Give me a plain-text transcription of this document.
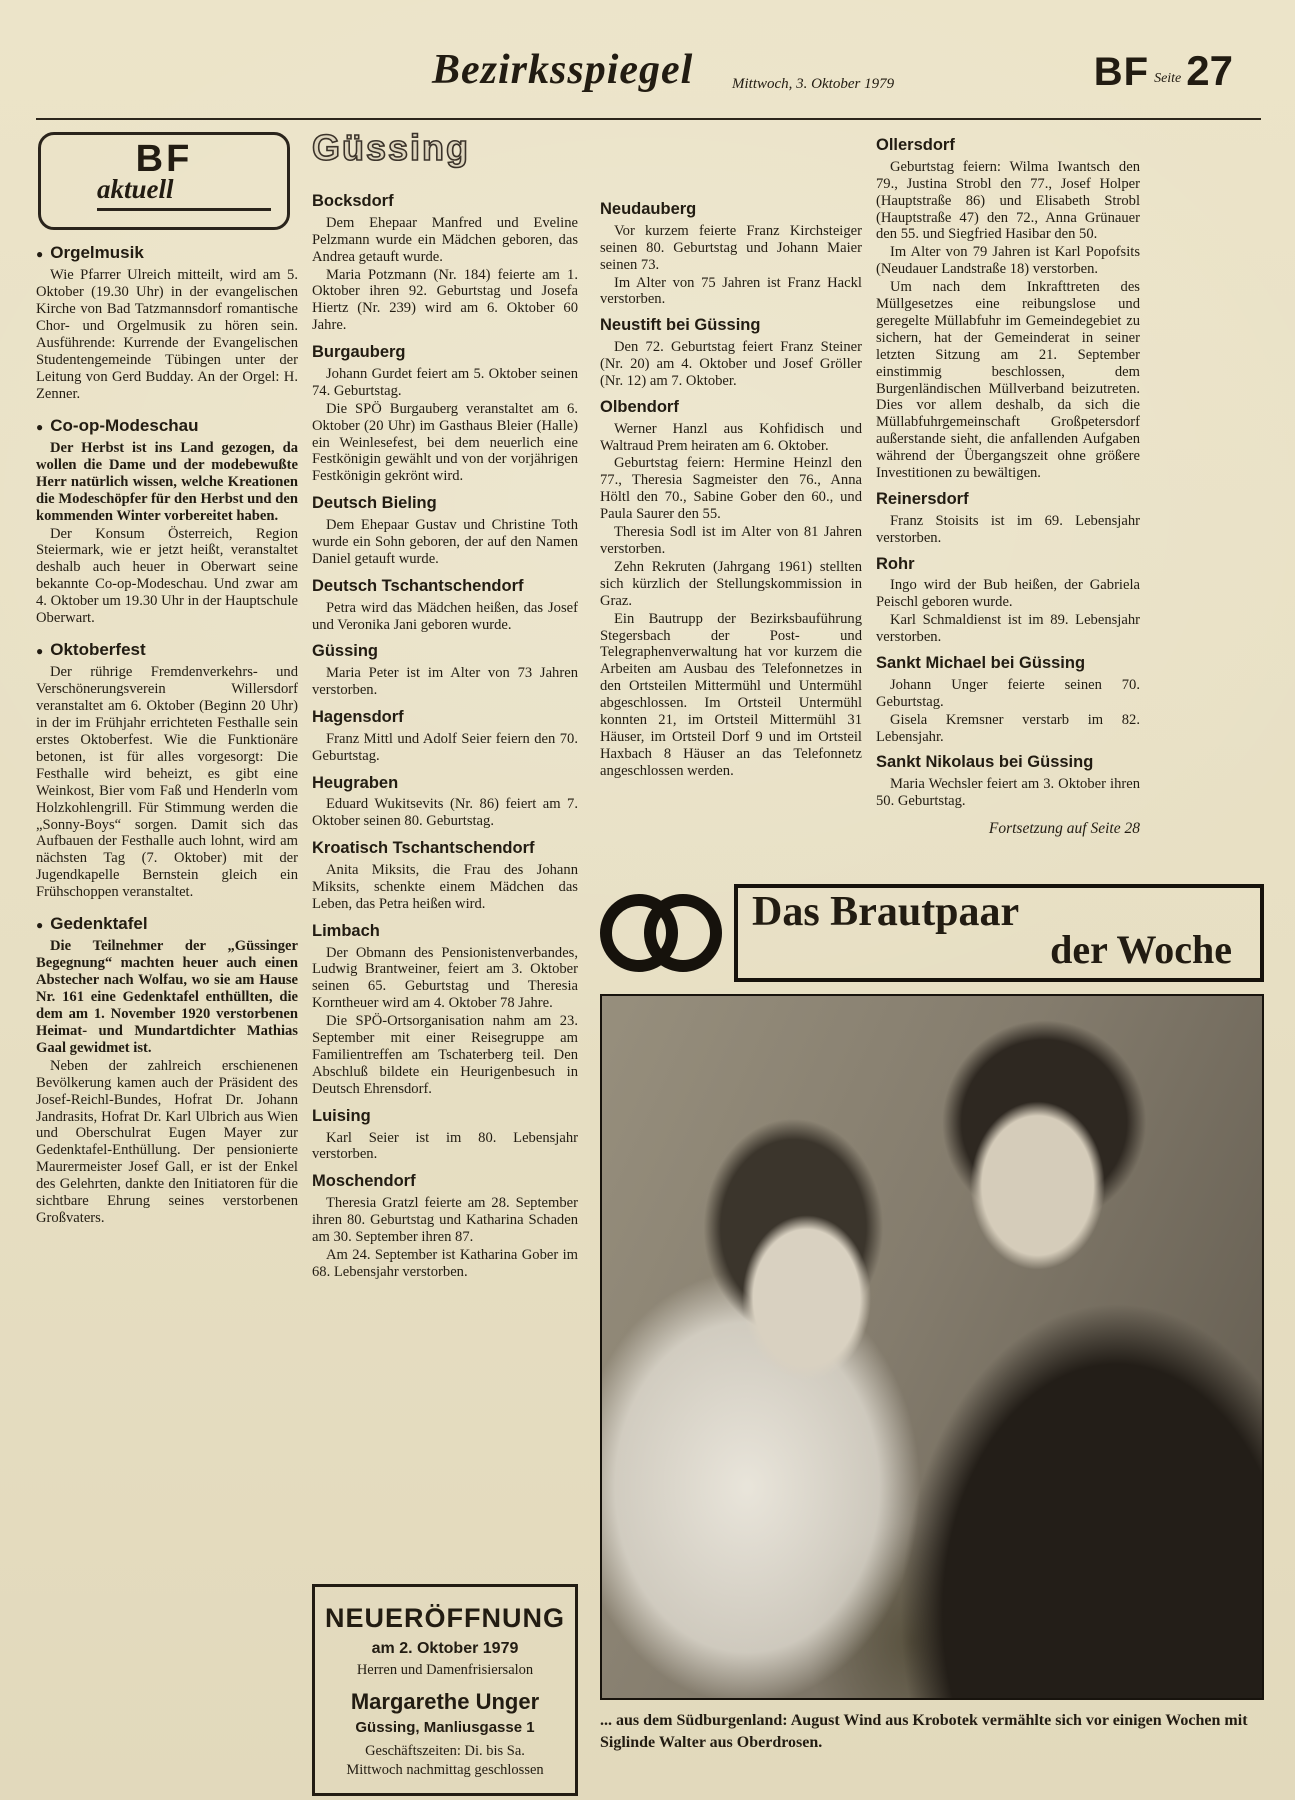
Bezirksspiegel	Mittwoch, 3. Oktober 1979	BF Seite 27
BF
aktuell
● Orgelmusik

Wie Pfarrer Ulreich mitteilt, wird am 5. Oktober (19.30 Uhr) in der evangelischen Kirche von Bad Tatzmannsdorf romantische Chor- und Orgelmusik zu hören sein. Ausführende: Kurrende der Evangelischen Studentengemeinde Tübingen unter der Leitung von Gerd Budday. An der Orgel: H. Zenner.

● Co-op-Modeschau

Der Herbst ist ins Land gezogen, da wollen die Dame und der modebewußte Herr natürlich wissen, welche Kreationen die Modeschöpfer für den Herbst und den kommenden Winter vorbereitet haben.

Der Konsum Österreich, Region Steiermark, wie er jetzt heißt, veranstaltet deshalb auch heuer in Oberwart seine bekannte Co-op-Modeschau. Und zwar am 4. Oktober um 19.30 Uhr in der Hauptschule Oberwart.

● Oktoberfest

Der rührige Fremdenverkehrs- und Verschönerungsverein Willersdorf veranstaltet am 6. Oktober (Beginn 20 Uhr) in der im Frühjahr errichteten Festhalle sein erstes Oktoberfest. Wie die Funktionäre betonen, ist für alles vorgesorgt: Die Festhalle wird beheizt, es gibt eine Weinkost, Bier vom Faß und Henderln vom Holzkohlengrill. Für Stimmung werden die „Sonny-Boys“ sorgen. Damit sich das Aufbauen der Festhalle auch lohnt, wird am nächsten Tag (7. Oktober) mit der Jugendkapelle Bernstein gleich ein Frühschoppen veranstaltet.

● Gedenktafel

Die Teilnehmer der „Güssinger Begegnung“ machten heuer auch einen Abstecher nach Wolfau, wo sie am Hause Nr. 161 eine Gedenktafel enthüllten, die dem am 1. November 1920 verstorbenen Heimat- und Mundartdichter Mathias Gaal gewidmet ist.

Neben der zahlreich erschienenen Bevölkerung kamen auch der Präsident des Josef-Reichl-Bundes, Hofrat Dr. Johann Jandrasits, Hofrat Dr. Karl Ulbrich aus Wien und Oberschulrat Eugen Mayer zur Gedenktafel-Enthüllung. Der pensionierte Maurermeister Josef Gall, er ist der Enkel des Gelehrten, dankte den Initiatoren für die sichtbare Ehrung seines verstorbenen Großvaters.

Güssing
Bocksdorf

Dem Ehepaar Manfred und Eveline Pelzmann wurde ein Mädchen geboren, das Andrea getauft wurde.

Maria Potzmann (Nr. 184) feierte am 1. Oktober ihren 92. Geburtstag und Josefa Hiertz (Nr. 239) wird am 6. Oktober 60 Jahre.

Burgauberg

Johann Gurdet feiert am 5. Oktober seinen 74. Geburtstag.

Die SPÖ Burgauberg veranstaltet am 6. Oktober (20 Uhr) im Gasthaus Bleier (Halle) ein Weinlesefest, bei dem neuerlich eine Festkönigin gewählt und von der vorjährigen Festkönigin gekrönt wird.

Deutsch Bieling

Dem Ehepaar Gustav und Christine Toth wurde ein Sohn geboren, der auf den Namen Daniel getauft wurde.

Deutsch Tschantschendorf

Petra wird das Mädchen heißen, das Josef und Veronika Jani geboren wurde.

Güssing

Maria Peter ist im Alter von 73 Jahren verstorben.

Hagensdorf

Franz Mittl und Adolf Seier feiern den 70. Geburtstag.

Heugraben

Eduard Wukitsevits (Nr. 86) feiert am 7. Oktober seinen 80. Geburtstag.

Kroatisch Tschantschendorf

Anita Miksits, die Frau des Johann Miksits, schenkte einem Mädchen das Leben, das Petra heißen wird.

Limbach

Der Obmann des Pensionistenverbandes, Ludwig Brantweiner, feiert am 3. Oktober seinen 65. Geburtstag und Theresia Korntheuer wird am 4. Oktober 78 Jahre.

Die SPÖ-Ortsorganisation nahm am 23. September mit einer Reisegruppe am Familientreffen am Tschaterberg teil. Den Abschluß bildete ein Heurigenbesuch in Deutsch Ehrensdorf.

Luising

Karl Seier ist im 80. Lebensjahr verstorben.

Moschendorf

Theresia Gratzl feierte am 28. September ihren 80. Geburtstag und Katharina Schaden am 30. September ihren 87.

Am 24. September ist Katharina Gober im 68. Lebensjahr verstorben.

NEUERÖFFNUNG
am 2. Oktober 1979
Herren und Damenfrisiersalon
Margarethe Unger
Güssing, Manliusgasse 1
Geschäftszeiten: Di. bis Sa.
Mittwoch nachmittag geschlossen
Neudauberg

Vor kurzem feierte Franz Kirchsteiger seinen 80. Geburtstag und Johann Maier seinen 73.

Im Alter von 75 Jahren ist Franz Hackl verstorben.

Neustift bei Güssing

Den 72. Geburtstag feiert Franz Steiner (Nr. 20) am 4. Oktober und Josef Gröller (Nr. 12) am 7. Oktober.

Olbendorf

Werner Hanzl aus Kohfidisch und Waltraud Prem heiraten am 6. Oktober.

Geburtstag feiern: Hermine Heinzl den 77., Theresia Sagmeister den 76., Anna Höltl den 70., Sabine Gober den 60., und Paula Saurer den 55.

Theresia Sodl ist im Alter von 81 Jahren verstorben.

Zehn Rekruten (Jahrgang 1961) stellten sich kürzlich der Stellungskommission in Graz.

Ein Bautrupp der Bezirksbauführung Stegersbach der Post- und Telegraphenverwaltung hat vor kurzem die Arbeiten am Ausbau des Telefonnetzes in den Ortsteilen Mittermühl und Untermühl abgeschlossen. Im Ortsteil Untermühl konnten 21, im Ortsteil Mittermühl 31 Häuser, im Ortsteil Dorf 9 und im Ortsteil Haxbach 8 Häuser an das Telefonnetz angeschlossen werden.

Ollersdorf

Geburtstag feiern: Wilma Iwantsch den 79., Justina Strobl den 77., Josef Holper (Hauptstraße 86) und Elisabeth Strobl (Hauptstraße 47) den 72., Anna Grünauer den 55. und Siegfried Hasibar den 50.

Im Alter von 79 Jahren ist Karl Popofsits (Neudauer Landstraße 18) verstorben.

Um nach dem Inkrafttreten des Müllgesetzes eine reibungslose und geregelte Müllabfuhr im Gemeindegebiet zu sichern, hat der Gemeinderat in seiner letzten Sitzung am 21. September einstimmig beschlossen, dem Burgenländischen Müllverband beizutreten. Dies vor allem deshalb, da sich die Müllabfuhrgemeinschaft Großpetersdorf außerstande sieht, die anfallenden Aufgaben während der Übergangszeit ohne größere Investitionen zu bewältigen.

Reinersdorf

Franz Stoisits ist im 69. Lebensjahr verstorben.

Rohr

Ingo wird der Bub heißen, der Gabriela Peischl geboren wurde.

Karl Schmaldienst ist im 89. Lebensjahr verstorben.

Sankt Michael bei Güssing

Johann Unger feierte seinen 70. Geburtstag.

Gisela Kremsner verstarb im 82. Lebensjahr.

Sankt Nikolaus bei Güssing

Maria Wechsler feiert am 3. Oktober ihren 50. Geburtstag.

Fortsetzung auf Seite 28
Das Brautpaar
der Woche

... aus dem Südburgenland: August Wind aus Krobotek vermählte sich vor einigen Wochen mit Siglinde Walter aus Oberdrosen.
